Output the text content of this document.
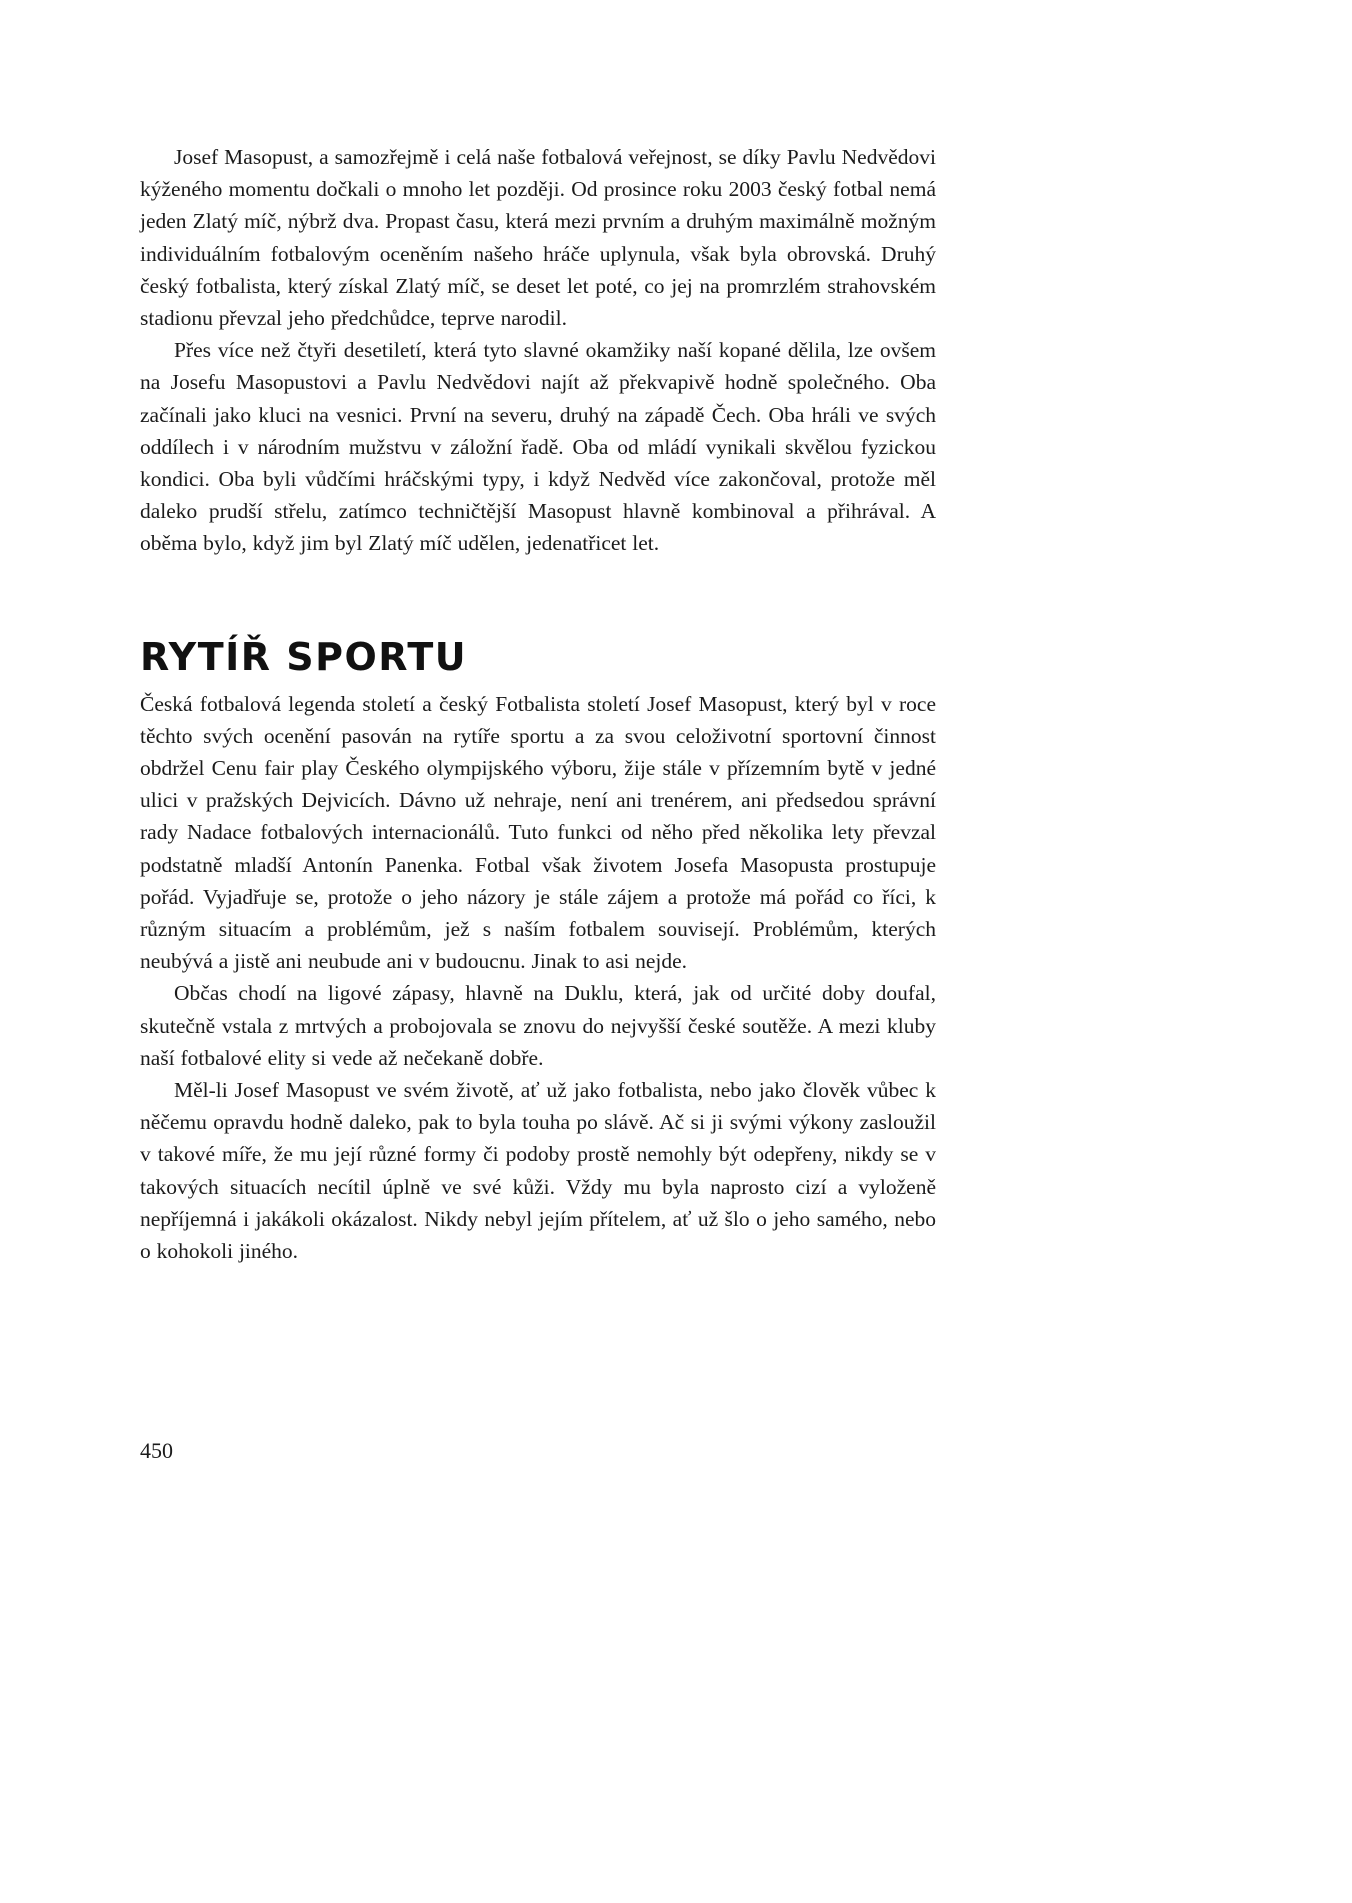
Josef Masopust, a samozřejmě i celá naše fotbalová veřejnost, se díky Pavlu Nedvědovi kýženého momentu dočkali o mnoho let později. Od prosince roku 2003 český fotbal nemá jeden Zlatý míč, nýbrž dva. Propast času, která mezi prvním a druhým maximálně možným individuálním fotbalovým oceněním našeho hráče uplynula, však byla obrovská. Druhý český fotbalista, který získal Zlatý míč, se deset let poté, co jej na promrzlém strahovském stadionu převzal jeho předchůdce, teprve narodil.

Přes více než čtyři desetiletí, která tyto slavné okamžiky naší kopané dělila, lze ovšem na Josefu Masopustovi a Pavlu Nedvědovi najít až překvapivě hodně společného. Oba začínali jako kluci na vesnici. První na severu, druhý na západě Čech. Oba hráli ve svých oddílech i v národním mužstvu v záložní řadě. Oba od mládí vynikali skvělou fyzickou kondici. Oba byli vůdčími hráčskými typy, i když Nedvěd více zakončoval, protože měl daleko prudší střelu, zatímco techničtější Masopust hlavně kombinoval a přihrával. A oběma bylo, když jim byl Zlatý míč udělen, jedenatřicet let.

RYTÍŘ SPORTU

Česká fotbalová legenda století a český Fotbalista století Josef Masopust, který byl v roce těchto svých ocenění pasován na rytíře sportu a za svou celoživotní sportovní činnost obdržel Cenu fair play Českého olympijského výboru, žije stále v přízemním bytě v jedné ulici v pražských Dejvicích. Dávno už nehraje, není ani trenérem, ani předsedou správní rady Nadace fotbalových internacionálů. Tuto funkci od něho před několika lety převzal podstatně mladší Antonín Panenka. Fotbal však životem Josefa Masopusta prostupuje pořád. Vyjadřuje se, protože o jeho názory je stále zájem a protože má pořád co říci, k různým situacím a problémům, jež s naším fotbalem souvisejí. Problémům, kterých neubývá a jistě ani neubude ani v budoucnu. Jinak to asi nejde.

Občas chodí na ligové zápasy, hlavně na Duklu, která, jak od určité doby doufal, skutečně vstala z mrtvých a probojovala se znovu do nejvyšší české soutěže. A mezi kluby naší fotbalové elity si vede až nečekaně dobře.

Měl-li Josef Masopust ve svém životě, ať už jako fotbalista, nebo jako člověk vůbec k něčemu opravdu hodně daleko, pak to byla touha po slávě. Ač si ji svými výkony zasloužil v takové míře, že mu její různé formy či podoby prostě nemohly být odepřeny, nikdy se v takových situacích necítil úplně ve své kůži. Vždy mu byla naprosto cizí a vyloženě nepříjemná i jakákoli okázalost. Nikdy nebyl jejím přítelem, ať už šlo o jeho samého, nebo o kohokoli jiného.

450
